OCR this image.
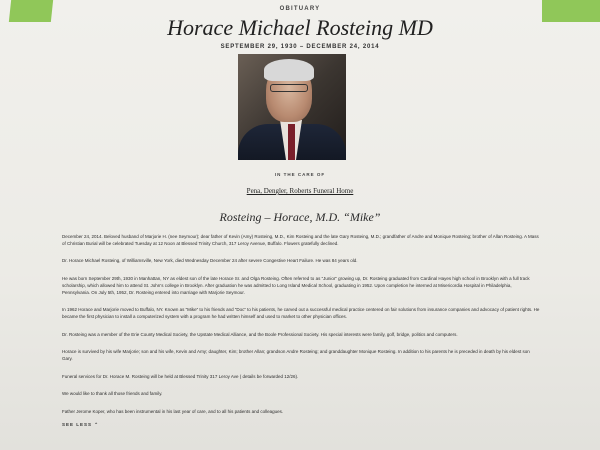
OBITUARY
Horace Michael Rosteing MD
SEPTEMBER 29, 1930 – DECEMBER 24, 2014
IN THE CARE OF
Pena, Dengler, Roberts Funeral Home
Rosteing – Horace, M.D. “Mike”

December 24, 2014. Beloved husband of Marjorie H. (nee Seymour); dear father of Kevin (Amy) Rosteing, M.D., Kim Rosteing and the late Gary Rosteing, M.D.; grandfather of Andre and Monique Rosteing; brother of Allan Rosteing. A Mass of Christian Burial will be celebrated Tuesday at 12 Noon at Blessed Trinity Church, 317 Leroy Avenue, Buffalo. Flowers gratefully declined.

Dr. Horace Michael Rosteing, of Williamsville, New York, died Wednesday December 24 after severe Congestive Heart Failure. He was 84 years old.

He was born September 29th, 1930 in Manhattan, NY as eldest son of the late Horace Sr. and Olga Rosteing. Often referred to as “Junior” growing up, Dr. Rosteing graduated from Cardinal Hayes high school in Brooklyn with a full track scholarship, which allowed him to attend St. John’s college in Brooklyn. After graduation he was admitted to Long Island Medical School, graduating in 1952. Upon completion he interned at Misericordia Hospital in Philadelphia, Pennsylvania. On July 5th, 1952, Dr. Rosteing entered into marriage with Marjorie Seymour.

In 1962 Horace and Marjorie moved to Buffalo, NY. Known as “Mike” to his friends and “Doc” to his patients, he carved out a successful medical practice centered on fair solutions from insurance companies and advocacy of patient rights. He became the first physician to install a computerized system with a program he had written himself and used to market to other physician offices.

Dr. Rosteing was a member of the Erie County Medical Society, the Upstate Medical Alliance, and the Boole Professional Society. His special interests were family, golf, bridge, politics and computers.

Horace is survived by his wife Marjorie; son and his wife, Kevin and Amy; daughter, Kim; brother Allan; grandson Andre Rosteing; and granddaughter Monique Rosteing. In addition to his parents he is preceded in death by his eldest son Gary.

Funeral services for Dr. Horace M. Rosteing will be held at Blessed Trinity 317 Leroy Ave ( details be forwarded 12/26).

We would like to thank all those friends and family.

Father Jerome Koper, who has been instrumental in his last year of care, and to all his patients and colleagues.

SEE LESS ⌃
